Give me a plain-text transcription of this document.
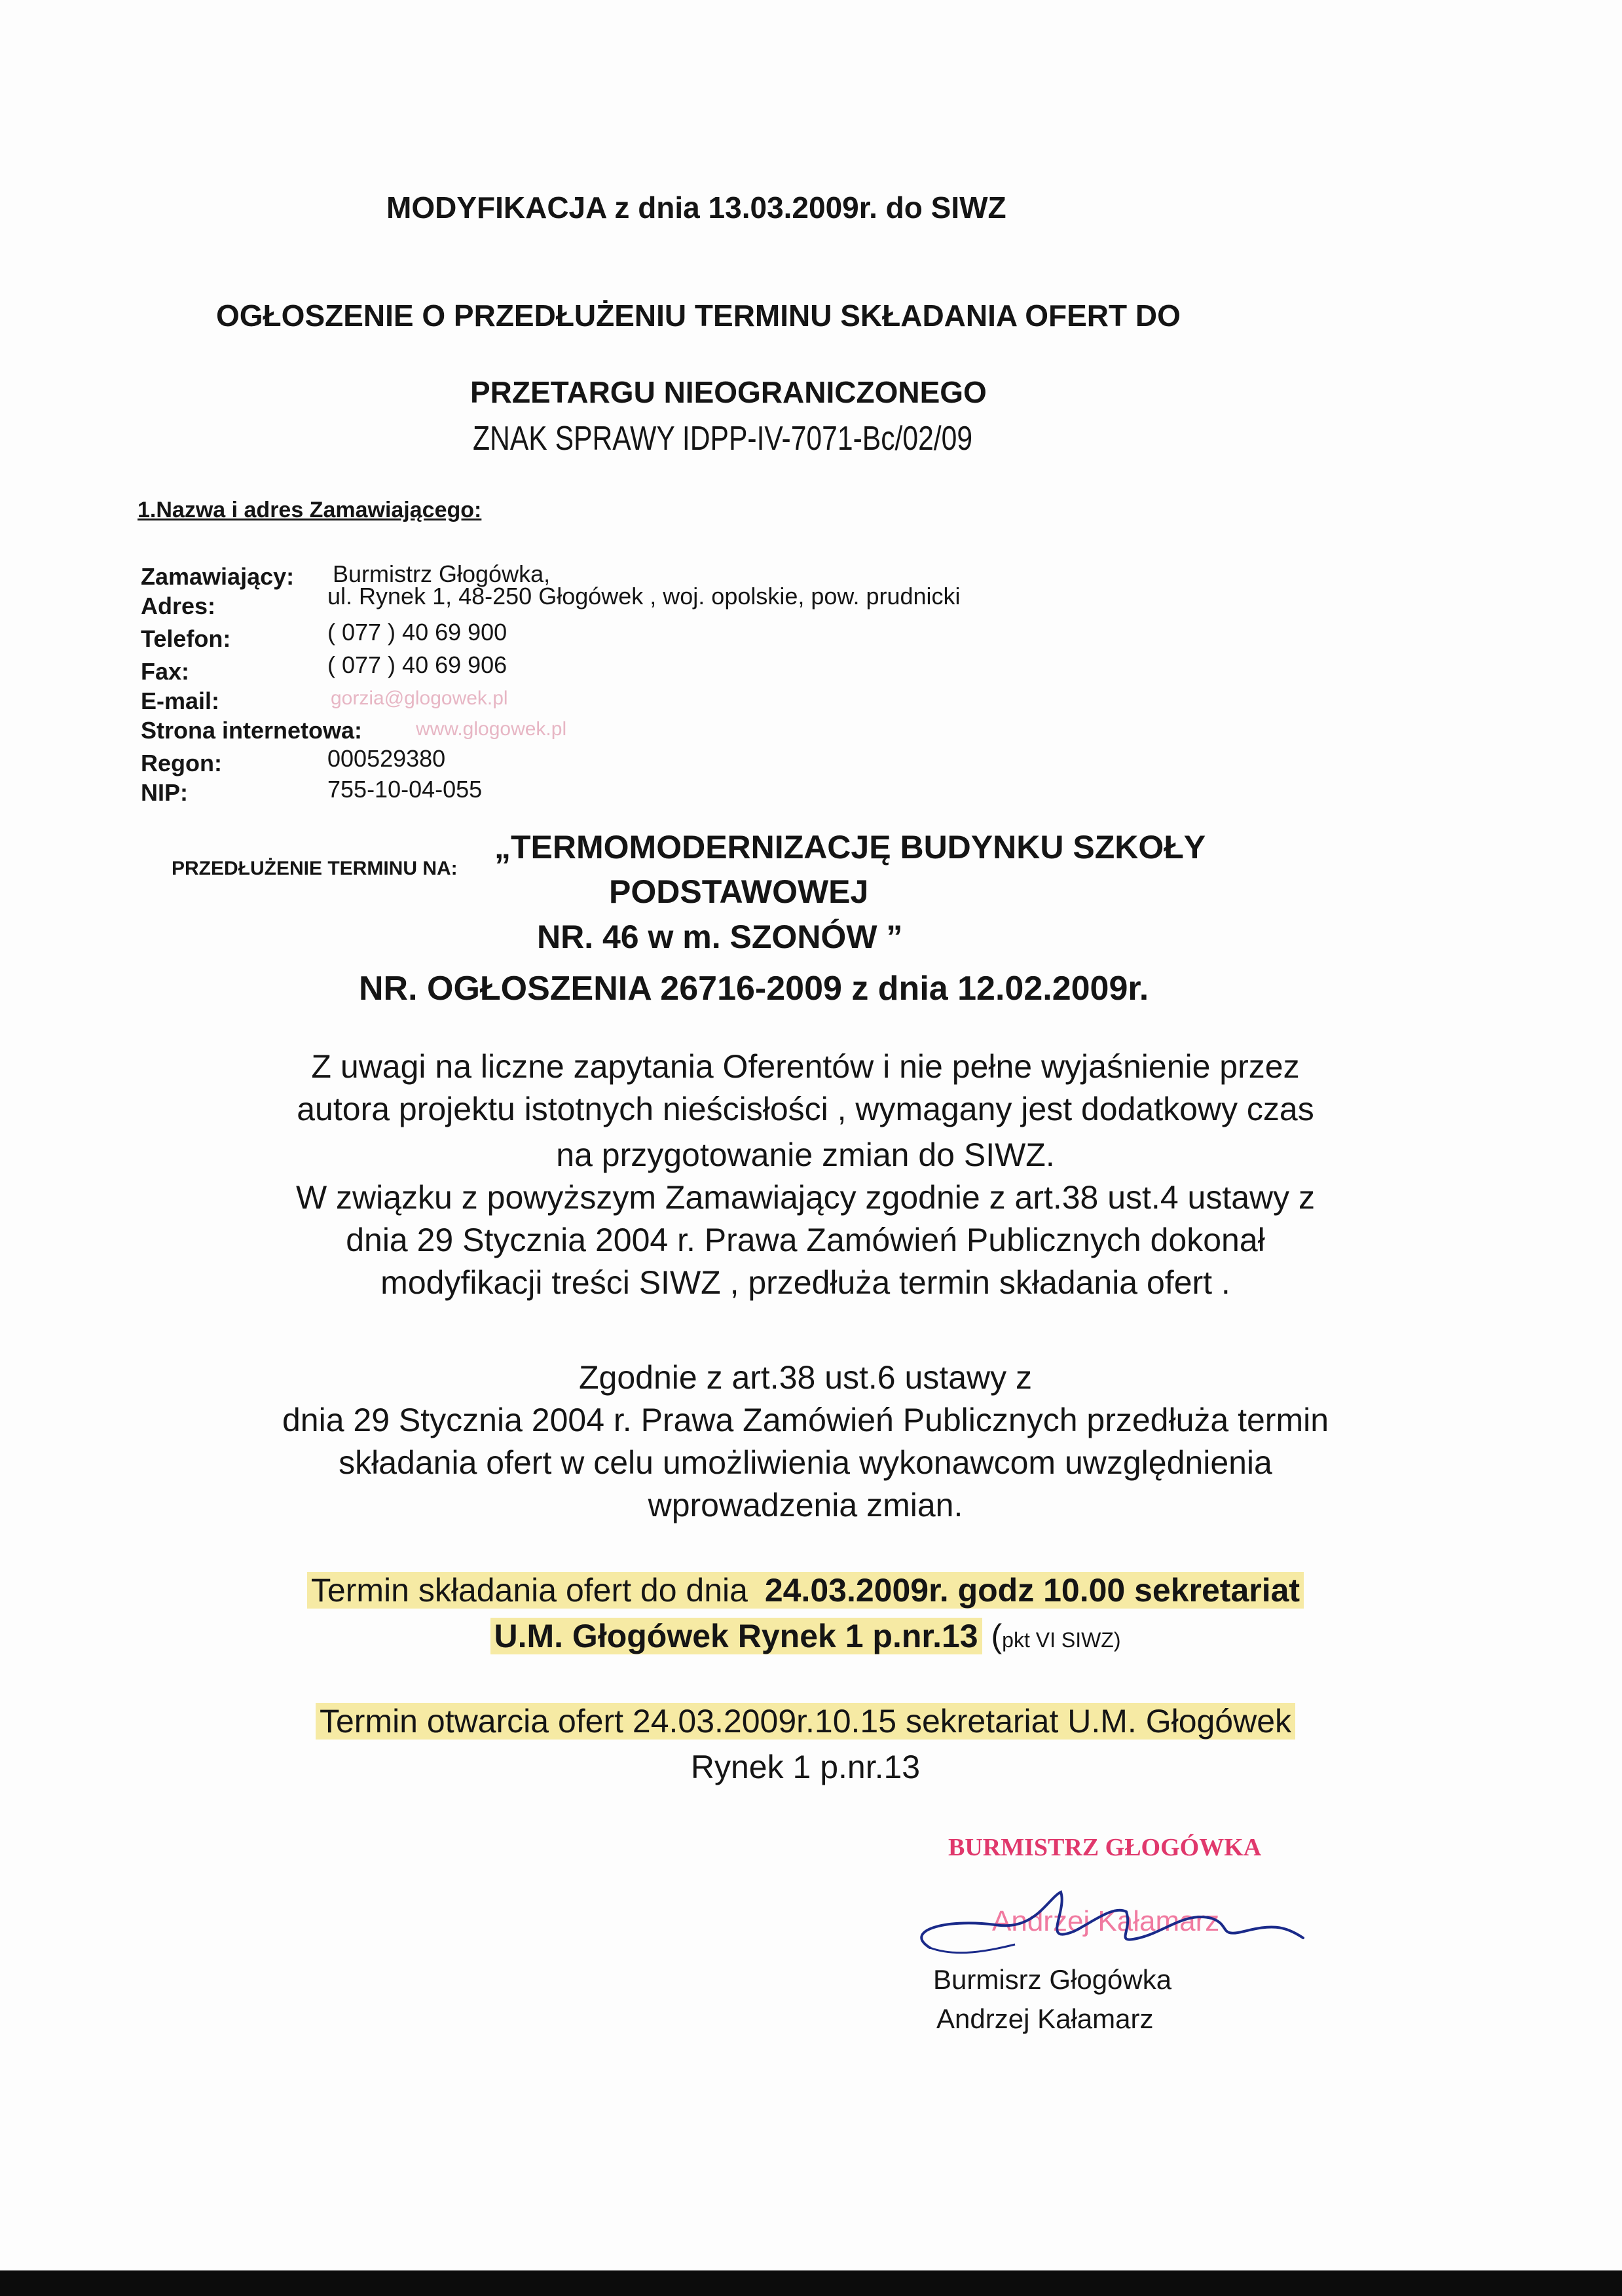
MODYFIKACJA z dnia 13.03.2009r. do SIWZ
OGŁOSZENIE O PRZEDŁUŻENIU TERMINU SKŁADANIA OFERT DO
PRZETARGU NIEOGRANICZONEGO
ZNAK SPRAWY IDPP-IV-7071-Bc/02/09
1.Nazwa i adres Zamawiającego:
Zamawiający: Burmistrz Głogówka,
Adres:	ul. Rynek 1, 48-250 Głogówek , woj. opolskie, pow. prudnicki
Telefon:	( 077 ) 40 69 900
Fax:	( 077 ) 40 69 906
E-mail:	gorzia@glogowek.pl
Strona internetowa:	www.glogowek.pl
Regon:	000529380
NIP:	755-10-04-055
PRZEDŁUŻENIE TERMINU NA:
„TERMOMODERNIZACJĘ BUDYNKU SZKOŁY
PODSTAWOWEJ
NR. 46 w m. SZONÓW ”
NR. OGŁOSZENIA 26716-2009 z dnia 12.02.2009r.
Z uwagi na liczne zapytania Oferentów i nie pełne wyjaśnienie przez
autora projektu istotnych nieścisłości , wymagany jest dodatkowy czas
na przygotowanie zmian do SIWZ.
W związku z powyższym Zamawiający zgodnie z art.38 ust.4 ustawy z
dnia 29 Stycznia 2004 r. Prawa Zamówień Publicznych dokonał
modyfikacji treści SIWZ , przedłuża termin składania ofert .
Zgodnie z art.38 ust.6 ustawy z
dnia 29 Stycznia 2004 r. Prawa Zamówień Publicznych przedłuża termin
składania ofert w celu umożliwienia wykonawcom uwzględnienia
wprowadzenia zmian.
Termin składania ofert do dnia 24.03.2009r. godz 10.00 sekretariat
U.M. Głogówek Rynek 1 p.nr.13 (pkt VI SIWZ)
Termin otwarcia ofert 24.03.2009r.10.15 sekretariat U.M. Głogówek
Rynek 1 p.nr.13
BURMISTRZ GŁOGÓWKA
Andrzej Kałamarz
Burmisrz Głogówka
Andrzej Kałamarz
